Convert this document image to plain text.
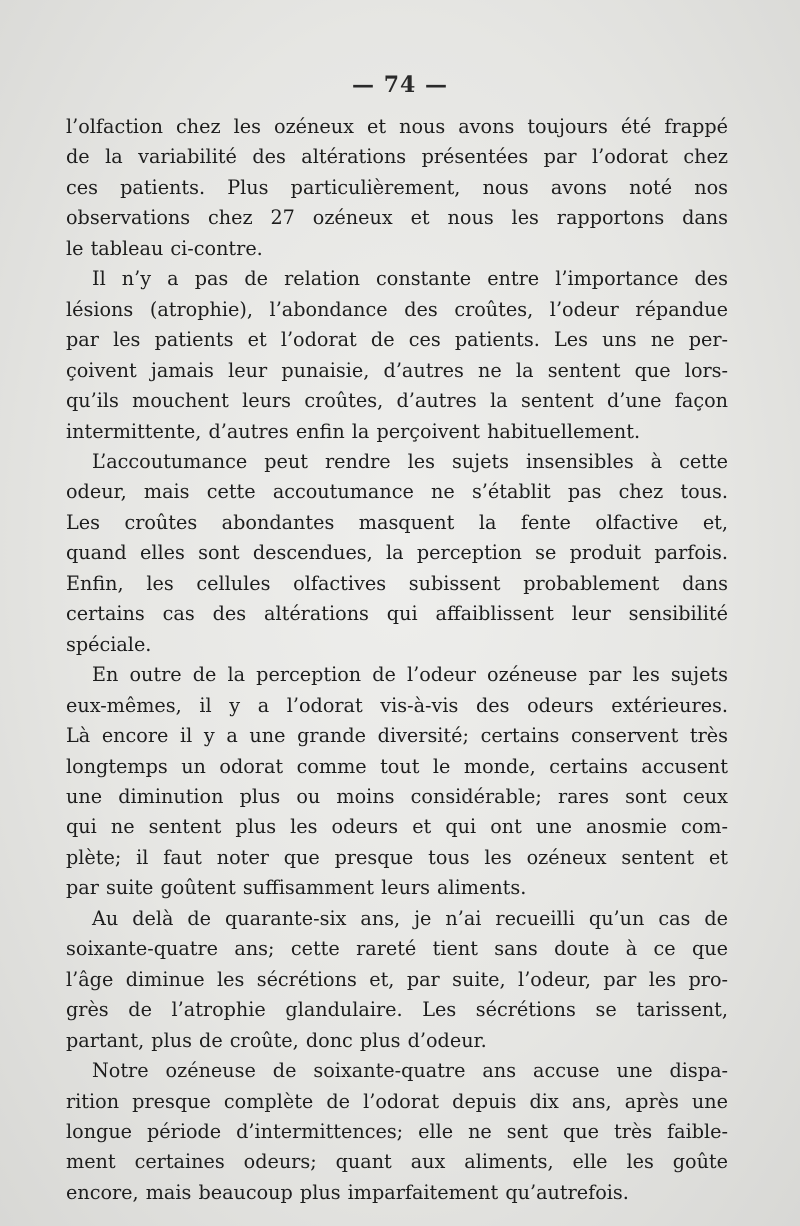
— 74 —

l’olfaction chez les ozéneux et nous avons toujours été frappé
de la variabilité des altérations présentées par l’odorat chez
ces patients. Plus particulièrement, nous avons noté nos
observations chez 27 ozéneux et nous les rapportons dans
le tableau ci-contre.

Il n’y a pas de relation constante entre l’importance des
lésions (atrophie), l’abondance des croûtes, l’odeur répandue
par les patients et l’odorat de ces patients. Les uns ne per-
çoivent jamais leur punaisie, d’autres ne la sentent que lors-
qu’ils mouchent leurs croûtes, d’autres la sentent d’une façon
intermittente, d’autres enfin la perçoivent habituellement.

L’accoutumance peut rendre les sujets insensibles à cette
odeur, mais cette accoutumance ne s’établit pas chez tous.
Les croûtes abondantes masquent la fente olfactive et,
quand elles sont descendues, la perception se produit parfois.
Enfin, les cellules olfactives subissent probablement dans
certains cas des altérations qui affaiblissent leur sensibilité
spéciale.

En outre de la perception de l’odeur ozéneuse par les sujets
eux-mêmes, il y a l’odorat vis-à-vis des odeurs extérieures.
Là encore il y a une grande diversité; certains conservent très
longtemps un odorat comme tout le monde, certains accusent
une diminution plus ou moins considérable; rares sont ceux
qui ne sentent plus les odeurs et qui ont une anosmie com-
plète; il faut noter que presque tous les ozéneux sentent et
par suite goûtent suffisamment leurs aliments.

Au delà de quarante-six ans, je n’ai recueilli qu’un cas de
soixante-quatre ans; cette rareté tient sans doute à ce que
l’âge diminue les sécrétions et, par suite, l’odeur, par les pro-
grès de l’atrophie glandulaire. Les sécrétions se tarissent,
partant, plus de croûte, donc plus d’odeur.

Notre ozéneuse de soixante-quatre ans accuse une dispa-
rition presque complète de l’odorat depuis dix ans, après une
longue période d’intermittences; elle ne sent que très faible-
ment certaines odeurs; quant aux aliments, elle les goûte
encore, mais beaucoup plus imparfaitement qu’autrefois.
